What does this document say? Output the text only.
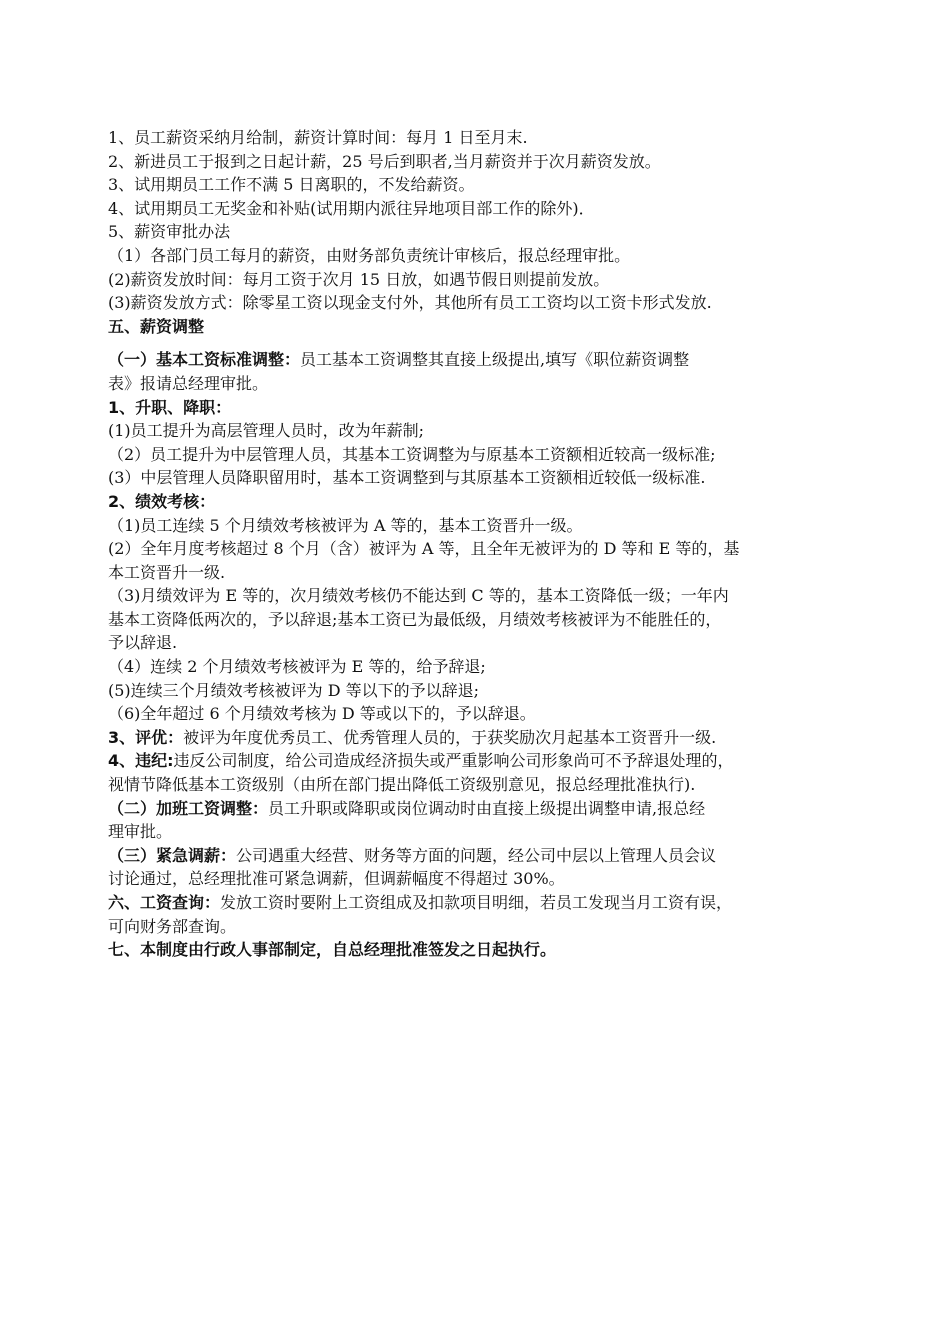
1、员工薪资采纳月给制，薪资计算时间：每月 1 日至月末.
2、新进员工于报到之日起计薪，25 号后到职者,当月薪资并于次月薪资发放。
3、试用期员工工作不满 5 日离职的，不发给薪资。
4、试用期员工无奖金和补贴(试用期内派往异地项目部工作的除外)．
5、薪资审批办法
（1）各部门员工每月的薪资，由财务部负责统计审核后，报总经理审批。
(2)薪资发放时间：每月工资于次月 15 日放，如遇节假日则提前发放。
(3)薪资发放方式：除零星工资以现金支付外，其他所有员工工资均以工资卡形式发放.
五、薪资调整
（一）基本工资标准调整：员工基本工资调整其直接上级提出,填写《职位薪资调整
表》报请总经理审批。
1、升职、降职：
(1)员工提升为高层管理人员时，改为年薪制;
（2）员工提升为中层管理人员，其基本工资调整为与原基本工资额相近较高一级标准;
(3）中层管理人员降职留用时，基本工资调整到与其原基本工资额相近较低一级标准.
2、绩效考核：
（1)员工连续 5 个月绩效考核被评为 A 等的，基本工资晋升一级。
(2）全年月度考核超过 8 个月（含）被评为 A 等，且全年无被评为的 D 等和 E 等的，基
本工资晋升一级.
（3)月绩效评为 E 等的，次月绩效考核仍不能达到 C 等的，基本工资降低一级；一年内
基本工资降低两次的，予以辞退;基本工资已为最低级，月绩效考核被评为不能胜任的，
予以辞退.
（4）连续 2 个月绩效考核被评为 E 等的，给予辞退;
(5)连续三个月绩效考核被评为 D 等以下的予以辞退;
（6)全年超过 6 个月绩效考核为 D 等或以下的，予以辞退。
3、评优：被评为年度优秀员工、优秀管理人员的，于获奖励次月起基本工资晋升一级.
4、违纪:违反公司制度，给公司造成经济损失或严重影响公司形象尚可不予辞退处理的，
视情节降低基本工资级别（由所在部门提出降低工资级别意见，报总经理批准执行).
（二）加班工资调整：员工升职或降职或岗位调动时由直接上级提出调整申请,报总经
理审批。
（三）紧急调薪：公司遇重大经营、财务等方面的问题，经公司中层以上管理人员会议
讨论通过，总经理批准可紧急调薪，但调薪幅度不得超过 30%。
六、工资查询：发放工资时要附上工资组成及扣款项目明细，若员工发现当月工资有误，
可向财务部查询。
七、本制度由行政人事部制定，自总经理批准签发之日起执行。
